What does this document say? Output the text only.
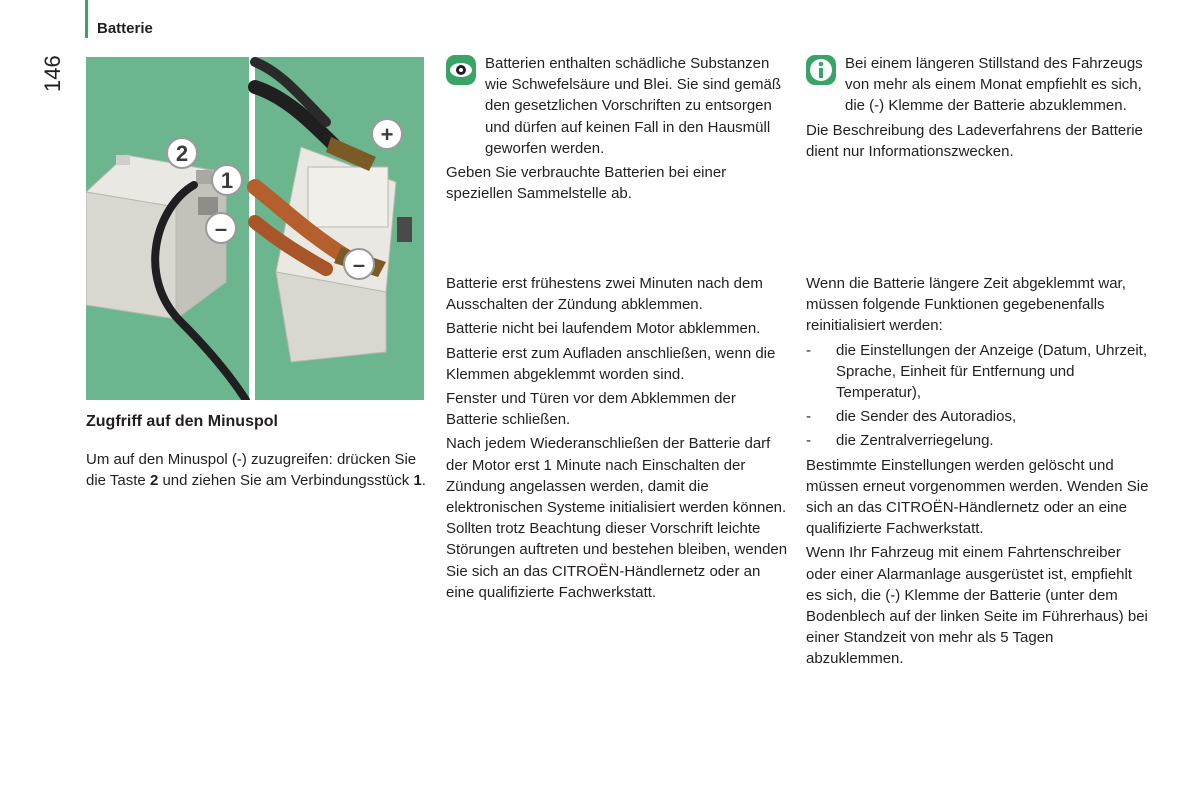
Batterie
146
2
1
–
+
–
Zugfriff auf den Minuspol

Um auf den Minuspol (-) zuzugreifen: drücken Sie die Taste 2 und ziehen Sie am Verbindungsstück 1.

Batterien enthalten schädliche Substanzen wie Schwefelsäure und Blei. Sie sind gemäß den gesetzlichen Vorschriften zu entsorgen und dürfen auf keinen Fall in den Hausmüll geworfen werden.

Geben Sie verbrauchte Batterien bei einer speziellen Sammelstelle ab.

Batterie erst frühestens zwei Minuten nach dem Ausschalten der Zündung abklemmen.

Batterie nicht bei laufendem Motor abklemmen.

Batterie erst zum Aufladen anschließen, wenn die Klemmen abgeklemmt worden sind.

Fenster und Türen vor dem Abklemmen der Batterie schließen.

Nach jedem Wiederanschließen der Batterie darf der Motor erst 1 Minute nach Einschalten der Zündung angelassen werden, damit die elektronischen Systeme initialisiert werden können. Sollten trotz Beachtung dieser Vorschrift leichte Störungen auftreten und bestehen bleiben, wenden Sie sich an das CITROËN-Händlernetz oder an eine qualifizierte Fachwerkstatt.

Bei einem längeren Stillstand des Fahrzeugs von mehr als einem Monat empfiehlt es sich, die (-) Klemme der Batterie abzuklemmen.

Die Beschreibung des Ladeverfahrens der Batterie dient nur Informationszwecken.

Wenn die Batterie längere Zeit abgeklemmt war, müssen folgende Funktionen gegebenenfalls reinitialisiert werden:

- die Einstellungen der Anzeige (Datum, Uhrzeit, Sprache, Einheit für Entfernung und Temperatur),
- die Sender des Autoradios,
- die Zentralverriegelung.

Bestimmte Einstellungen werden gelöscht und müssen erneut vorgenommen werden. Wenden Sie sich an das CITROËN-Händlernetz oder an eine qualifizierte Fachwerkstatt.

Wenn Ihr Fahrzeug mit einem Fahrtenschreiber oder einer Alarmanlage ausgerüstet ist, empfiehlt es sich, die (-) Klemme der Batterie (unter dem Bodenblech auf der linken Seite im Führerhaus) bei einer Standzeit von mehr als 5 Tagen abzuklemmen.
